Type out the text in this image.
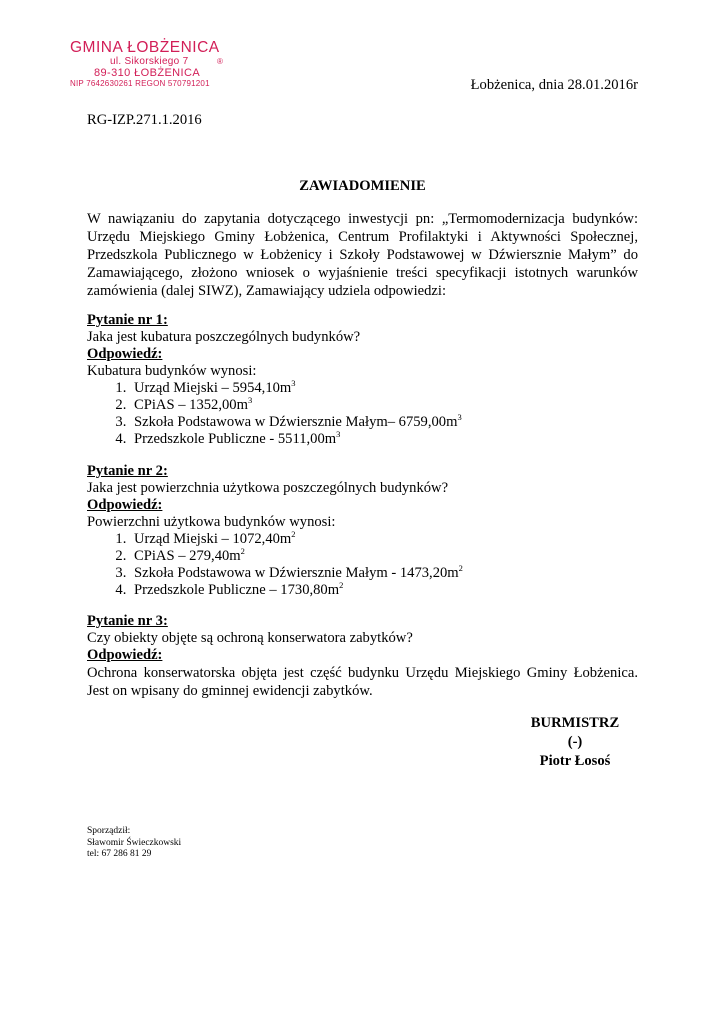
GMINA ŁOBŻENICA
ul. Sikorskiego 7	®
89-310 ŁOBŻENICA
NIP 7642630261 REGON 570791201	Łobżenica, dnia 28.01.2016r
RG-IZP.271.1.2016
ZAWIADOMIENIE
W nawiązaniu do zapytania dotyczącego inwestycji pn: „Termomodernizacja budynków: Urzędu Miejskiego Gminy Łobżenica, Centrum Profilaktyki i Aktywności Społecznej, Przedszkola Publicznego w Łobżenicy i Szkoły Podstawowej w Dźwiersznie Małym” do Zamawiającego, złożono wniosek o wyjaśnienie treści specyfikacji istotnych warunków zamówienia (dalej SIWZ), Zamawiający udziela odpowiedzi:
Pytanie nr 1:
Jaka jest kubatura poszczególnych budynków?
Odpowiedź:
Kubatura budynków wynosi:
1. Urząd Miejski – $5954,10m^3$
2. CPiAS – $1352,00m^3$
3. Szkoła Podstawowa w Dźwiersznie Małym– $6759,00m^3$
4. Przedszkole Publiczne - $5511,00m^3$
Pytanie nr 2:
Jaka jest powierzchnia użytkowa poszczególnych budynków?
Odpowiedź:
Powierzchni użytkowa budynków wynosi:
1. Urząd Miejski – $1072,40m^2$
2. CPiAS – $279,40m^2$
3. Szkoła Podstawowa w Dźwiersznie Małym - $1473,20m^2$
4. Przedszkole Publiczne – $1730,80m^2$
Pytanie nr 3:
Czy obiekty objęte są ochroną konserwatora zabytków?
Odpowiedź:
Ochrona konserwatorska objęta jest część budynku Urzędu Miejskiego Gminy Łobżenica. Jest on wpisany do gminnej ewidencji zabytków.
BURMISTRZ
(-)
Piotr Łosoś
Sporządził:
Sławomir Świeczkowski
tel: 67 286 81 29
